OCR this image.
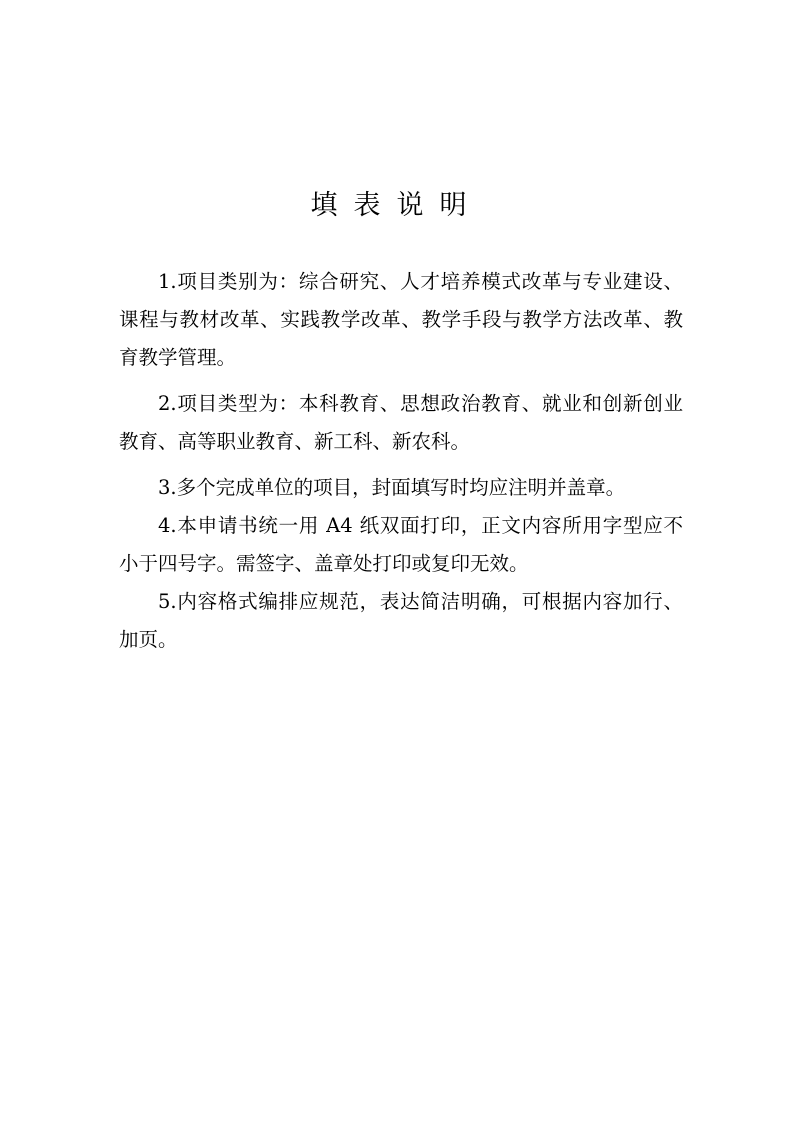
填表说明

1.项目类别为：综合研究、人才培养模式改革与专业建设、课程与教材改革、实践教学改革、教学手段与教学方法改革、教育教学管理。

2.项目类型为：本科教育、思想政治教育、就业和创新创业教育、高等职业教育、新工科、新农科。

3.多个完成单位的项目，封面填写时均应注明并盖章。

4.本申请书统一用 A4 纸双面打印，正文内容所用字型应不小于四号字。需签字、盖章处打印或复印无效。

5.内容格式编排应规范，表达简洁明确，可根据内容加行、加页。
